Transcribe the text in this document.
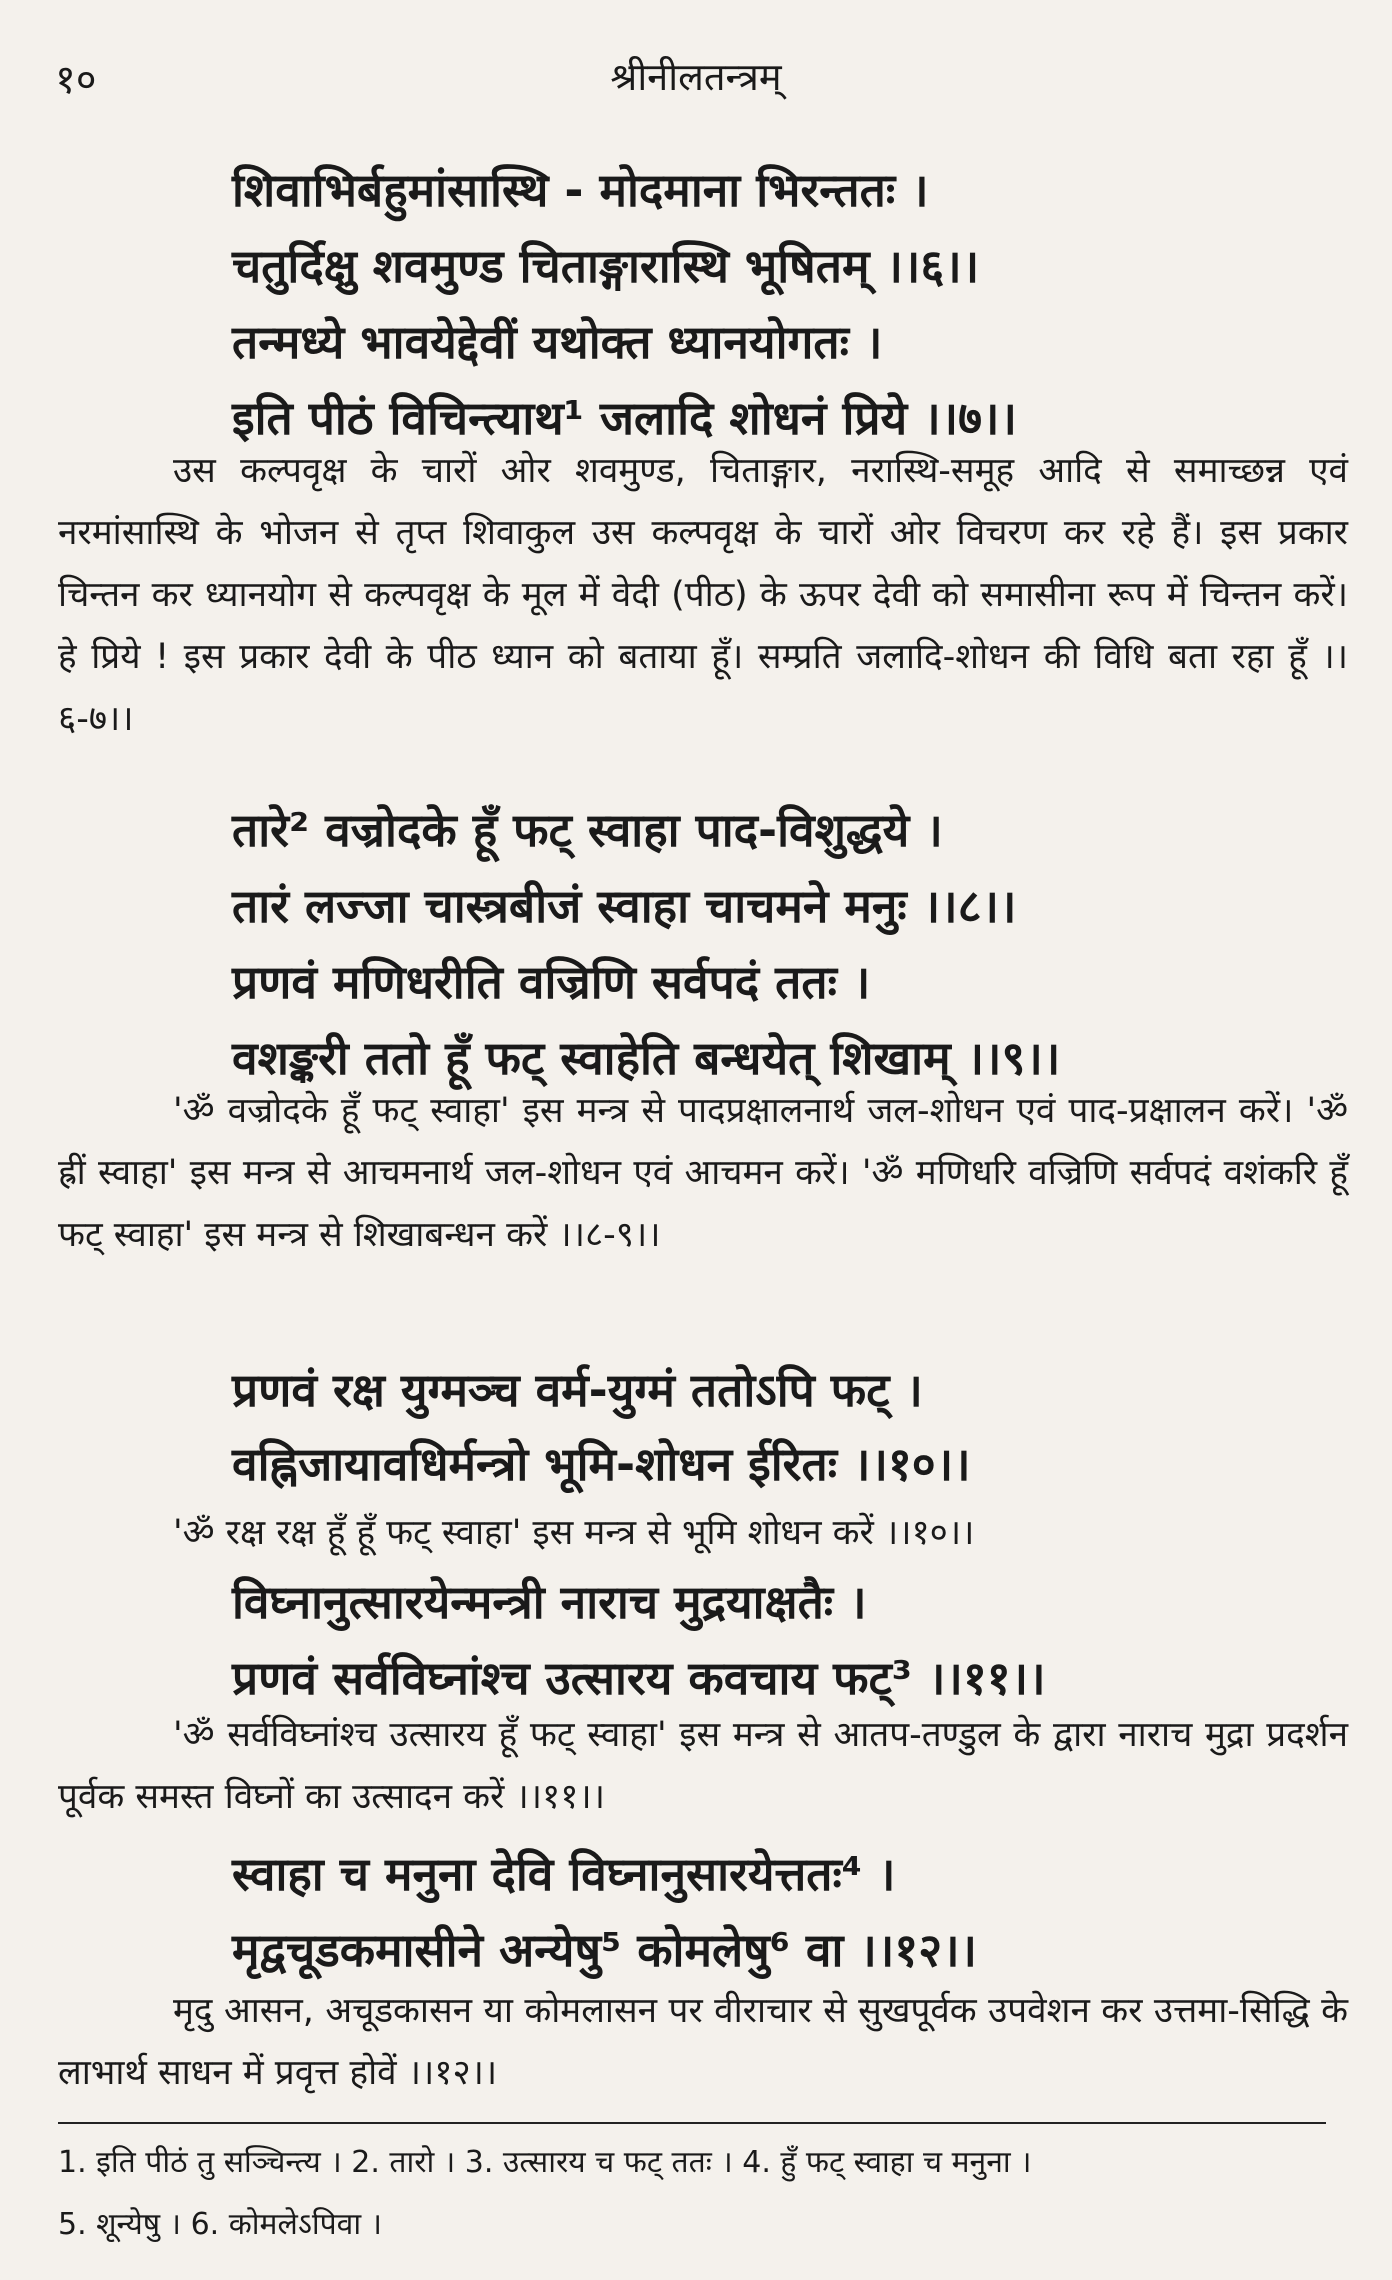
१०	श्रीनीलतन्त्रम्
शिवाभिर्बहुमांसास्थि - मोदमाना भिरन्ततः ।
चतुर्दिक्षु शवमुण्ड चिताङ्गारास्थि भूषितम् ।।६।।
तन्मध्ये भावयेद्देवीं यथोक्त ध्यानयोगतः ।
इति पीठं विचिन्त्याथ¹ जलादि शोधनं प्रिये ।।७।।

उस कल्पवृक्ष के चारों ओर शवमुण्ड, चिताङ्गार, नरास्थि-समूह आदि से समाच्छन्न एवं नरमांसास्थि के भोजन से तृप्त शिवाकुल उस कल्पवृक्ष के चारों ओर विचरण कर रहे हैं। इस प्रकार चिन्तन कर ध्यानयोग से कल्पवृक्ष के मूल में वेदी (पीठ) के ऊपर देवी को समासीना रूप में चिन्तन करें। हे प्रिये ! इस प्रकार देवी के पीठ ध्यान को बताया हूँ। सम्प्रति जलादि-शोधन की विधि बता रहा हूँ ।।६-७।।

तारे² वज्रोदके हूँ फट् स्वाहा पाद-विशुद्धये ।
तारं लज्जा चास्त्रबीजं स्वाहा चाचमने मनुः ।।८।।
प्रणवं मणिधरीति वज्रिणि सर्वपदं ततः ।
वशङ्करी ततो हूँ फट् स्वाहेति बन्धयेत् शिखाम् ।।९।।

'ॐ वज्रोदके हूँ फट् स्वाहा' इस मन्त्र से पादप्रक्षालनार्थ जल-शोधन एवं पाद-प्रक्षालन करें। 'ॐ ह्रीं स्वाहा' इस मन्त्र से आचमनार्थ जल-शोधन एवं आचमन करें। 'ॐ मणिधरि वज्रिणि सर्वपदं वशंकरि हूँ फट् स्वाहा' इस मन्त्र से शिखाबन्धन करें ।।८-९।।

प्रणवं रक्ष युग्मञ्च वर्म-युग्मं ततोऽपि फट् ।
वह्निजायावधिर्मन्त्रो भूमि-शोधन ईरितः ।।१०।।

'ॐ रक्ष रक्ष हूँ हूँ फट् स्वाहा' इस मन्त्र से भूमि शोधन करें ।।१०।।

विघ्नानुत्सारयेन्मन्त्री नाराच मुद्रयाक्षतैः ।
प्रणवं सर्वविघ्नांश्च उत्सारय कवचाय फट्³ ।।११।।

'ॐ सर्वविघ्नांश्च उत्सारय हूँ फट् स्वाहा' इस मन्त्र से आतप-तण्डुल के द्वारा नाराच मुद्रा प्रदर्शन पूर्वक समस्त विघ्नों का उत्सादन करें ।।११।।

स्वाहा च मनुना देवि विघ्नानुसारयेत्ततः⁴ ।
मृद्वचूडकमासीने अन्येषु⁵ कोमलेषु⁶ वा ।।१२।।

मृदु आसन, अचूडकासन या कोमलासन पर वीराचार से सुखपूर्वक उपवेशन कर उत्तमा-सिद्धि के लाभार्थ साधन में प्रवृत्त होवें ।।१२।।

1. इति पीठं तु सञ्चिन्त्य । 2. तारो । 3. उत्सारय च फट् ततः । 4. हुँ फट् स्वाहा च मनुना ।

5. शून्येषु । 6. कोमलेऽपिवा ।
